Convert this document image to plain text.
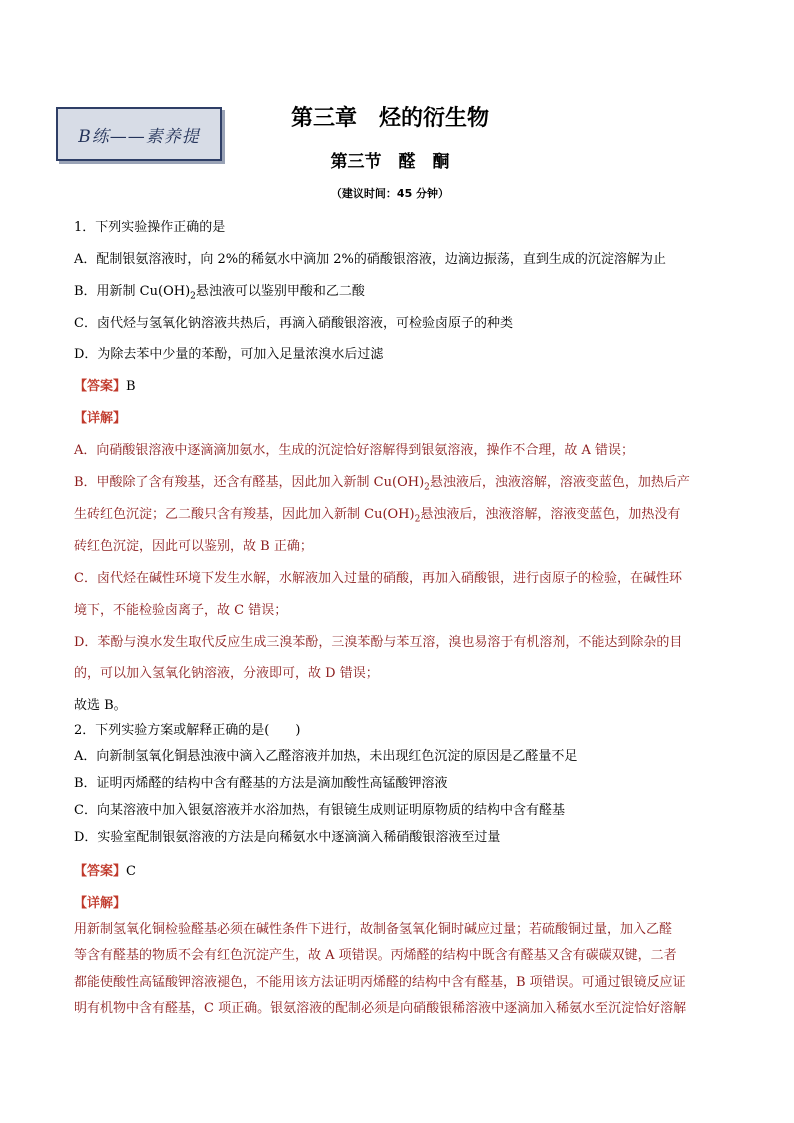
B练——素养提
第三章　烃的衍生物
第三节　醛　酮
（建议时间：45 分钟）
1．下列实验操作正确的是
A．配制银氨溶液时，向 2%的稀氨水中滴加 2%的硝酸银溶液，边滴边振荡，直到生成的沉淀溶解为止
B．用新制 $Cu(OH)_2$悬浊液可以鉴别甲酸和乙二酸
C．卤代烃与氢氧化钠溶液共热后，再滴入硝酸银溶液，可检验卤原子的种类
D．为除去苯中少量的苯酚，可加入足量浓溴水后过滤
【答案】B
【详解】
A．向硝酸银溶液中逐滴滴加氨水，生成的沉淀恰好溶解得到银氨溶液，操作不合理，故 A 错误；
B．甲酸除了含有羧基，还含有醛基，因此加入新制 $Cu(OH)_2$悬浊液后，浊液溶解，溶液变蓝色，加热后产
生砖红色沉淀；乙二酸只含有羧基，因此加入新制 $Cu(OH)_2$悬浊液后，浊液溶解，溶液变蓝色，加热没有
砖红色沉淀，因此可以鉴别，故 B 正确；
C．卤代烃在碱性环境下发生水解，水解液加入过量的硝酸，再加入硝酸银，进行卤原子的检验，在碱性环
境下，不能检验卤离子，故 C 错误；
D．苯酚与溴水发生取代反应生成三溴苯酚，三溴苯酚与苯互溶，溴也易溶于有机溶剂，不能达到除杂的目
的，可以加入氢氧化钠溶液，分液即可，故 D 错误；
故选 B。
2．下列实验方案或解释正确的是(　　)
A．向新制氢氧化铜悬浊液中滴入乙醛溶液并加热，未出现红色沉淀的原因是乙醛量不足
B．证明丙烯醛的结构中含有醛基的方法是滴加酸性高锰酸钾溶液
C．向某溶液中加入银氨溶液并水浴加热，有银镜生成则证明原物质的结构中含有醛基
D．实验室配制银氨溶液的方法是向稀氨水中逐滴滴入稀硝酸银溶液至过量
【答案】C
【详解】
用新制氢氧化铜检验醛基必须在碱性条件下进行，故制备氢氧化铜时碱应过量；若硫酸铜过量，加入乙醛
等含有醛基的物质不会有红色沉淀产生，故 A 项错误。丙烯醛的结构中既含有醛基又含有碳碳双键，二者
都能使酸性高锰酸钾溶液褪色，不能用该方法证明丙烯醛的结构中含有醛基，B 项错误。可通过银镜反应证
明有机物中含有醛基，C 项正确。银氨溶液的配制必须是向硝酸银稀溶液中逐滴加入稀氨水至沉淀恰好溶解
